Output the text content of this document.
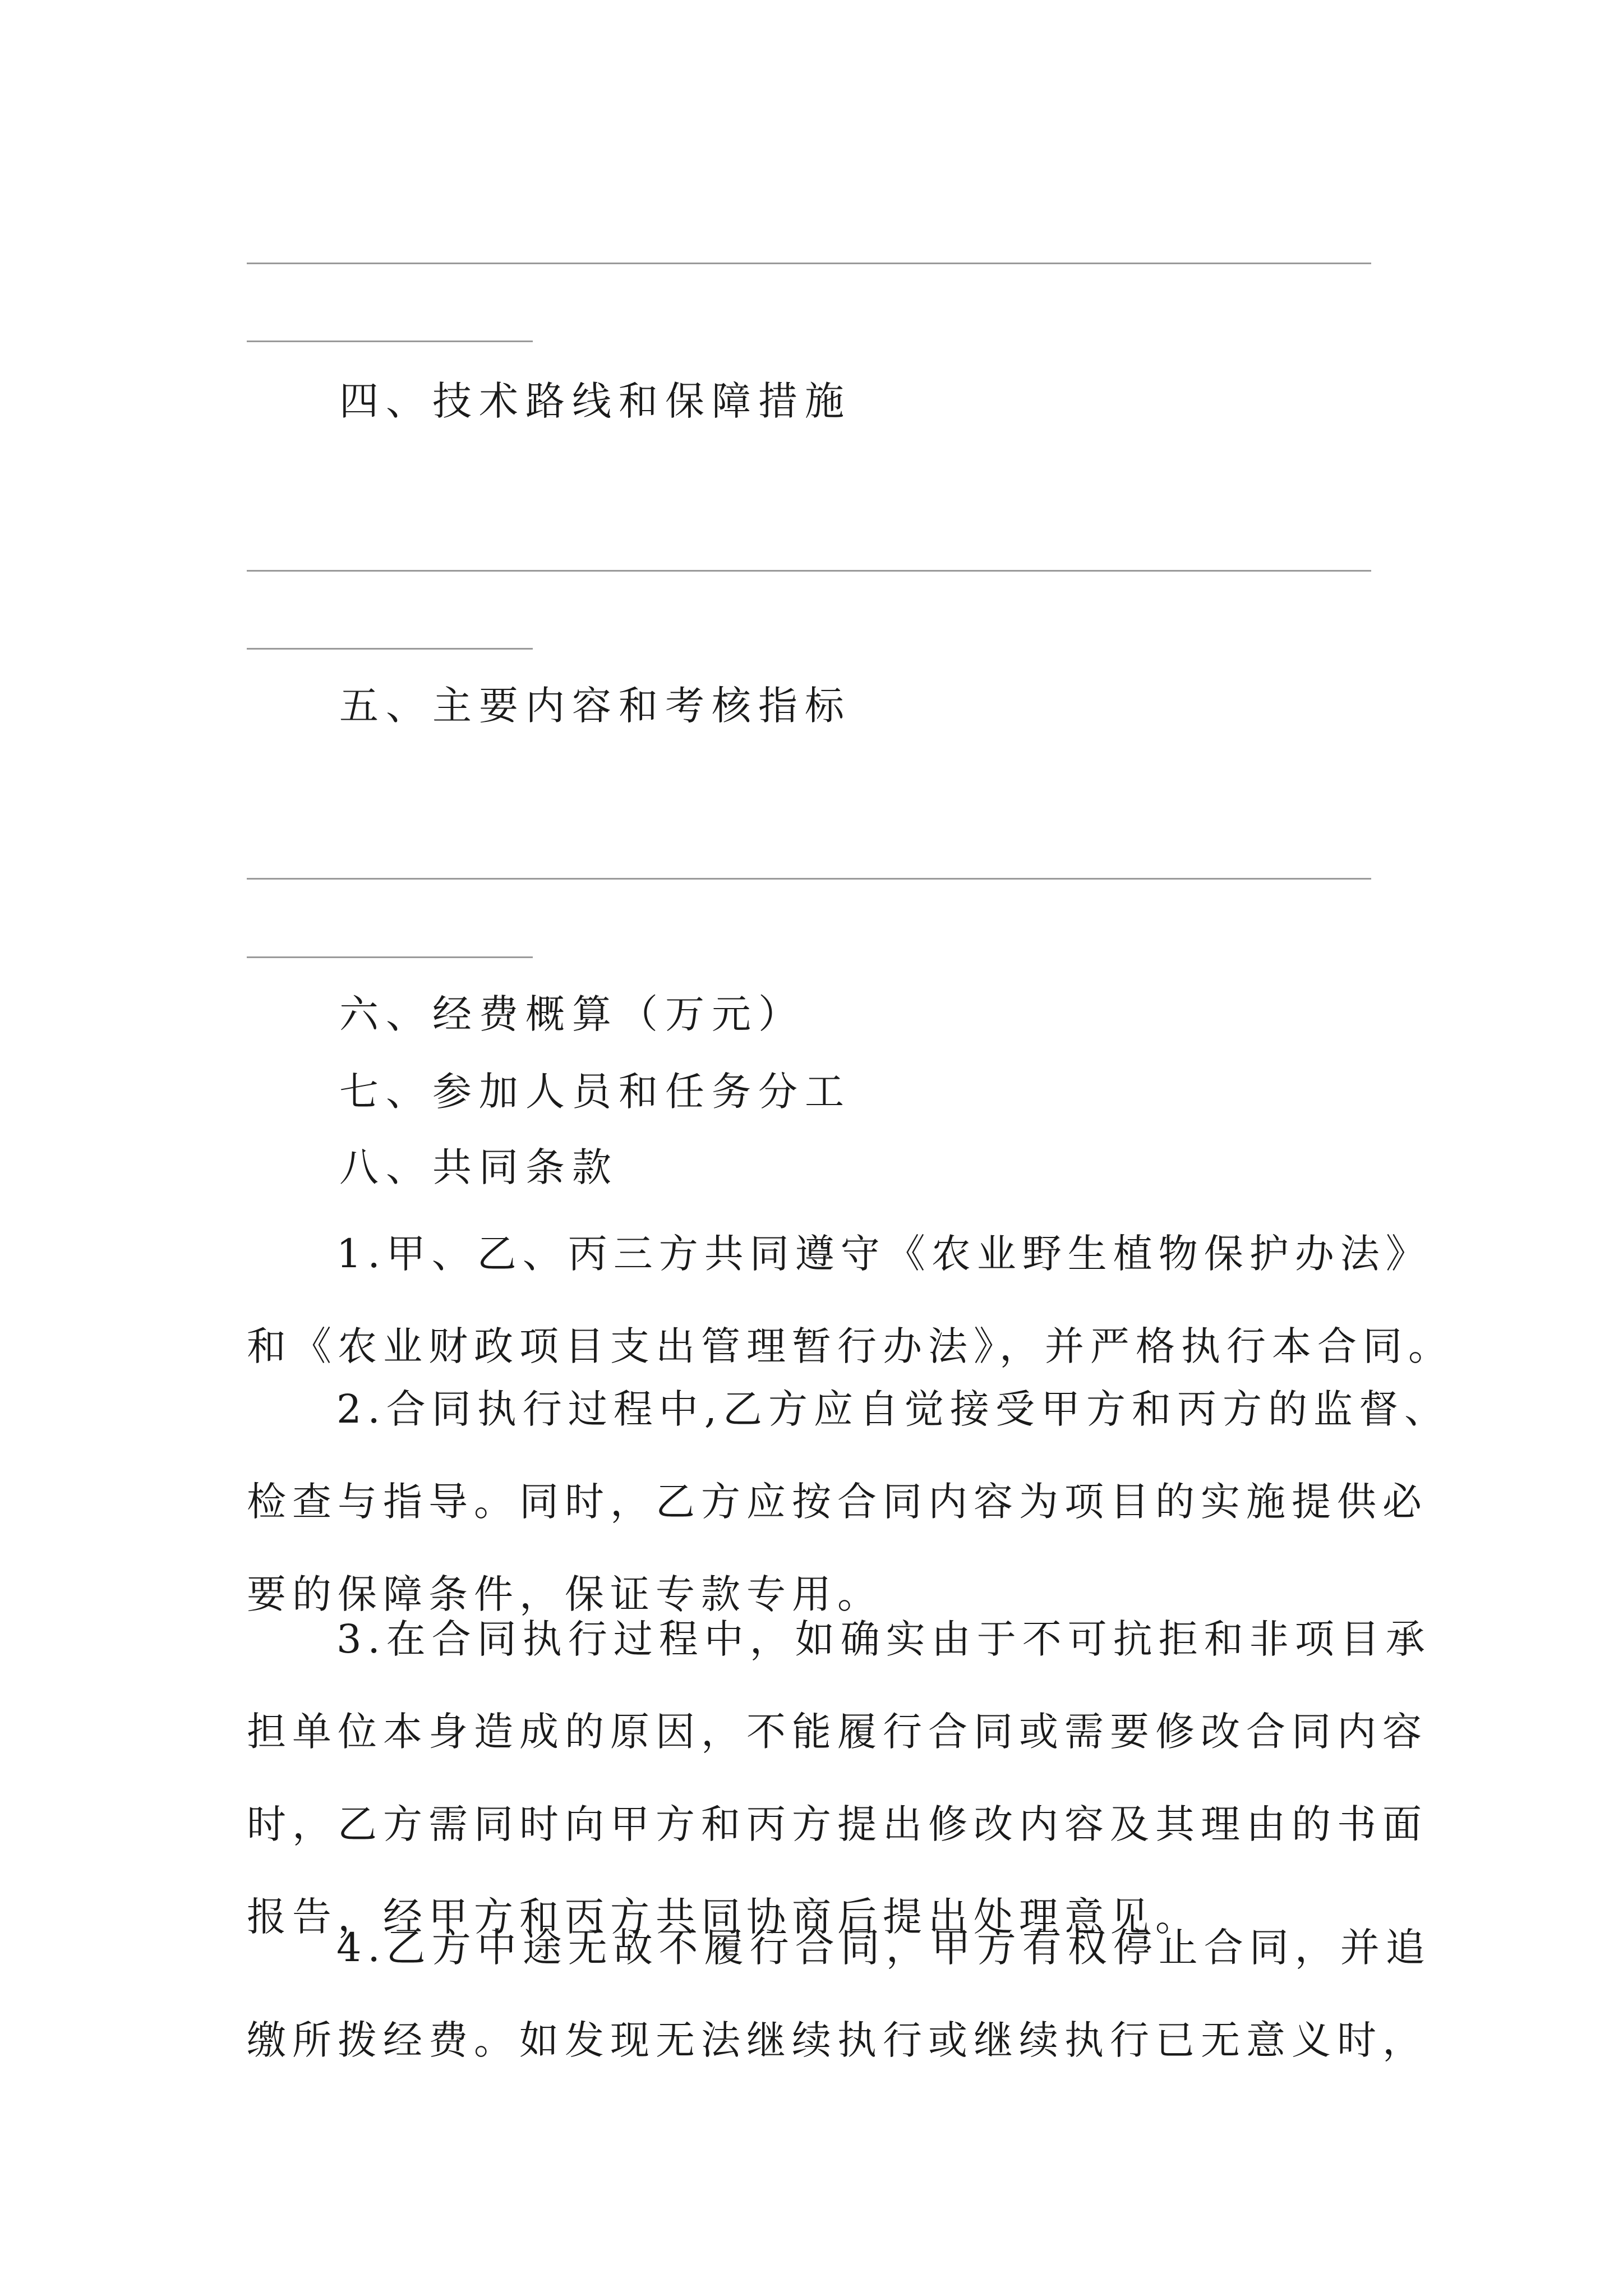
四、技术路线和保障措施
五、主要内容和考核指标
六、经费概算（万元）
七、参加人员和任务分工
八、共同条款
1.甲、乙、丙三方共同遵守《农业野生植物保护办法》
和《农业财政项目支出管理暂行办法》，并严格执行本合同。
2.合同执行过程中,乙方应自觉接受甲方和丙方的监督、
检查与指导。同时，乙方应按合同内容为项目的实施提供必
要的保障条件，保证专款专用。
3.在合同执行过程中，如确实由于不可抗拒和非项目承
担单位本身造成的原因，不能履行合同或需要修改合同内容
时，乙方需同时向甲方和丙方提出修改内容及其理由的书面
报告，经甲方和丙方共同协商后提出处理意见。
4.乙方中途无故不履行合同，甲方有权停止合同，并追
缴所拨经费。如发现无法继续执行或继续执行已无意义时，
